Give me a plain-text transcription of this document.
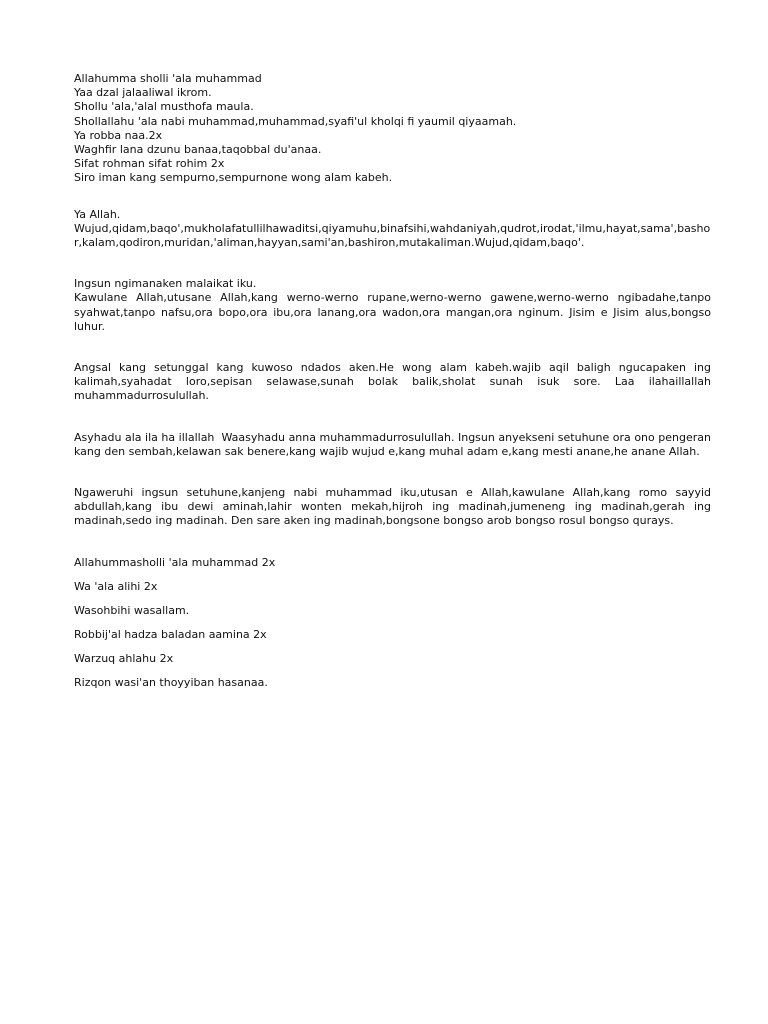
Allahumma sholli 'ala muhammad

Yaa dzal jalaaliwal ikrom.

Shollu 'ala,'alal musthofa maula.

Shollallahu 'ala nabi muhammad,muhammad,syafi'ul kholqi fi yaumil qiyaamah.

Ya robba naa.2x

Waghfir lana dzunu banaa,taqobbal du'anaa.

Sifat rohman sifat rohim 2x

Siro iman kang sempurno,sempurnone wong alam kabeh.

Ya Allah.

Wujud,qidam,baqo',mukholafatullilhawaditsi,qiyamuhu,binafsihi,wahdaniyah,qudrot,irodat,'ilmu,hayat,sama',bashor,kalam,qodiron,muridan,'aliman,hayyan,sami'an,bashiron,mutakaliman.Wujud,qidam,baqo'.

Ingsun ngimanaken malaikat iku.

Kawulane Allah,utusane Allah,kang werno-werno rupane,werno-werno gawene,werno-werno ngibadahe,tanpo syahwat,tanpo nafsu,ora bopo,ora ibu,ora lanang,ora wadon,ora mangan,ora nginum. Jisim e Jisim alus,bongso luhur.

Angsal kang setunggal kang kuwoso ndados aken.He wong alam kabeh.wajib aqil baligh ngucapaken ing kalimah,syahadat loro,sepisan selawase,sunah bolak balik,sholat sunah isuk sore. Laa ilahaillallah muhammadurrosulullah.

Asyhadu ala ila ha illallah  Waasyhadu anna muhammadurrosulullah. Ingsun anyekseni setuhune ora ono pengeran kang den sembah,kelawan sak benere,kang wajib wujud e,kang muhal adam e,kang mesti anane,he anane Allah.

Ngaweruhi ingsun setuhune,kanjeng nabi muhammad iku,utusan e Allah,kawulane Allah,kang romo sayyid abdullah,kang ibu dewi aminah,lahir wonten mekah,hijroh ing madinah,jumeneng ing madinah,gerah ing madinah,sedo ing madinah. Den sare aken ing madinah,bongsone bongso arob bongso rosul bongso qurays.

Allahummasholli 'ala muhammad 2x

Wa 'ala alihi 2x

Wasohbihi wasallam.

Robbij'al hadza baladan aamina 2x

Warzuq ahlahu 2x

Rizqon wasi'an thoyyiban hasanaa.
